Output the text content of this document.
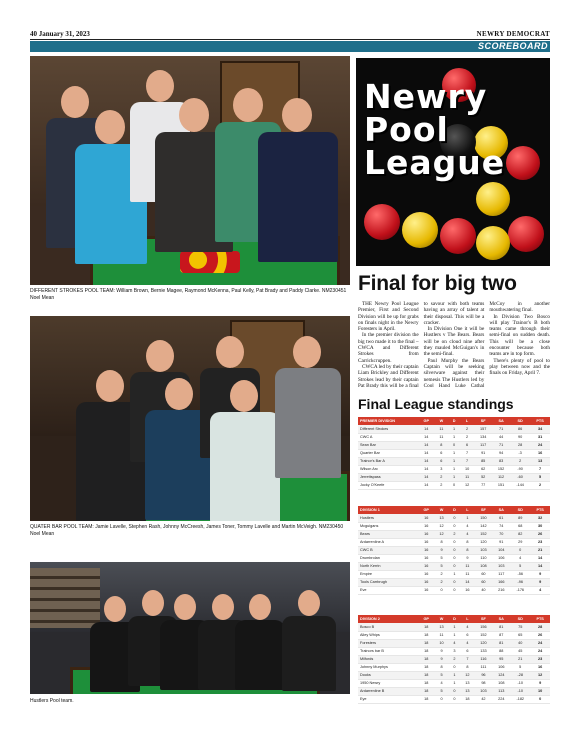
40 January 31, 2023	NEWRY DEMOCRAT
SCOREBOARD
DIFFERENT STROKES POOL TEAM: William Brown, Bernie Magee, Raymond McKenna, Paul Kelly, Pat Brady and Paddy Clarke. NM230451
Noel Mean
QUATER BAR POOL TEAM: Jamie Lavelle, Stephen Rash, Johnny McCreesh, James Toner, Tommy Lavelle and Martin McVeigh. NM230450
Noel Mean
Hustlers Pool team.
Newry
Pool
League
Final for big two

THE Newry Pool League Premier, First and Second Division will be up for grabs on finals night in the Newry Foresters in April.

In the premier division the big two made it to the final – CWCA and Different Strokes from Carrickcruppen.

CWCA led by their captain Liam Brickley and Different Strokes lead by their captain Pat Brady this will be a final to savour with both teams having an array of talent at their disposal. This will be a cracker.

In Division One it will be Hustlers v The Bears. Bears will be on cloud nine after they mauled McGuigan's in the semi-final.

Paul Murphy the Bears Captain will be seeking silverware against their nemesis The Hustlers led by Cool Hand Luke Cathal McCoy in another mouthwatering final.

In Division Two Bosco will play Trainor's B both teams came through their semi-final on sudden death. This will be a close encounter because both teams are in top form.

There's plenty of pool to play between now and the finals on Friday, April 7.

Final League standings
PREMIER DIVISION	GP	W	D	L	SF	SA	SD	PTS
Different Strokes	14	11	1	2	157	71	86	34
CWC A	14	11	1	2	134	44	90	31
Sean Bar	14	8	0	6	117	71	28	24
Quarter Bar	14	6	1	7	91	94	-3	16
Trainor's Bar A	14	6	1	7	85	83	2	13
Wilson Arc	14	3	1	10	62	152	-90	7
Jerrettspass	14	2	1	11	52	112	-60	5
Jocky O'Keefe	14	2	0	12	77	151	-144	2
DIVISION 1	GP	W	D	L	SF	SA	SD	PTS
Hustlers	16	13	0	1	150	61	89	32
Mcguigans	16	12	0	4	142	74	68	30
Bears	16	12	2	4	152	70	82	26
Ardarrenline A	16	8	0	8	120	91	29	23
CWC B	16	9	0	8	103	104	0	21
Drumbrolan	16	5	0	9	110	106	4	14
North Kerrin	16	5	0	11	108	103	5	14
Empire	16	2	1	11	60	117	-56	9
Tools Carrbrugh	16	2	0	14	60	166	-96	9
Eve	16	0	0	16	40	216	-176	4
DIVISION 2	GP	W	D	L	SF	SA	SD	PTS
Bosco B	18	13	1	4	156	81	75	28
Alley Whips	18	11	1	6	152	87	65	26
Foresters	18	10	4	4	120	81	40	24
Trainors bar B	18	9	3	6	133	88	45	24
Milfords	18	9	2	7	116	95	21	23
Johnny Murphys	18	8	0	8	111	106	5	16
Dooks	18	5	1	12	96	124	-28	12
1950 Newry	18	4	1	13	98	108	-10	9
Ardarrenline B	18	5	0	13	103	113	-10	10
Eye	18	0	0	18	42	224	-182	0
